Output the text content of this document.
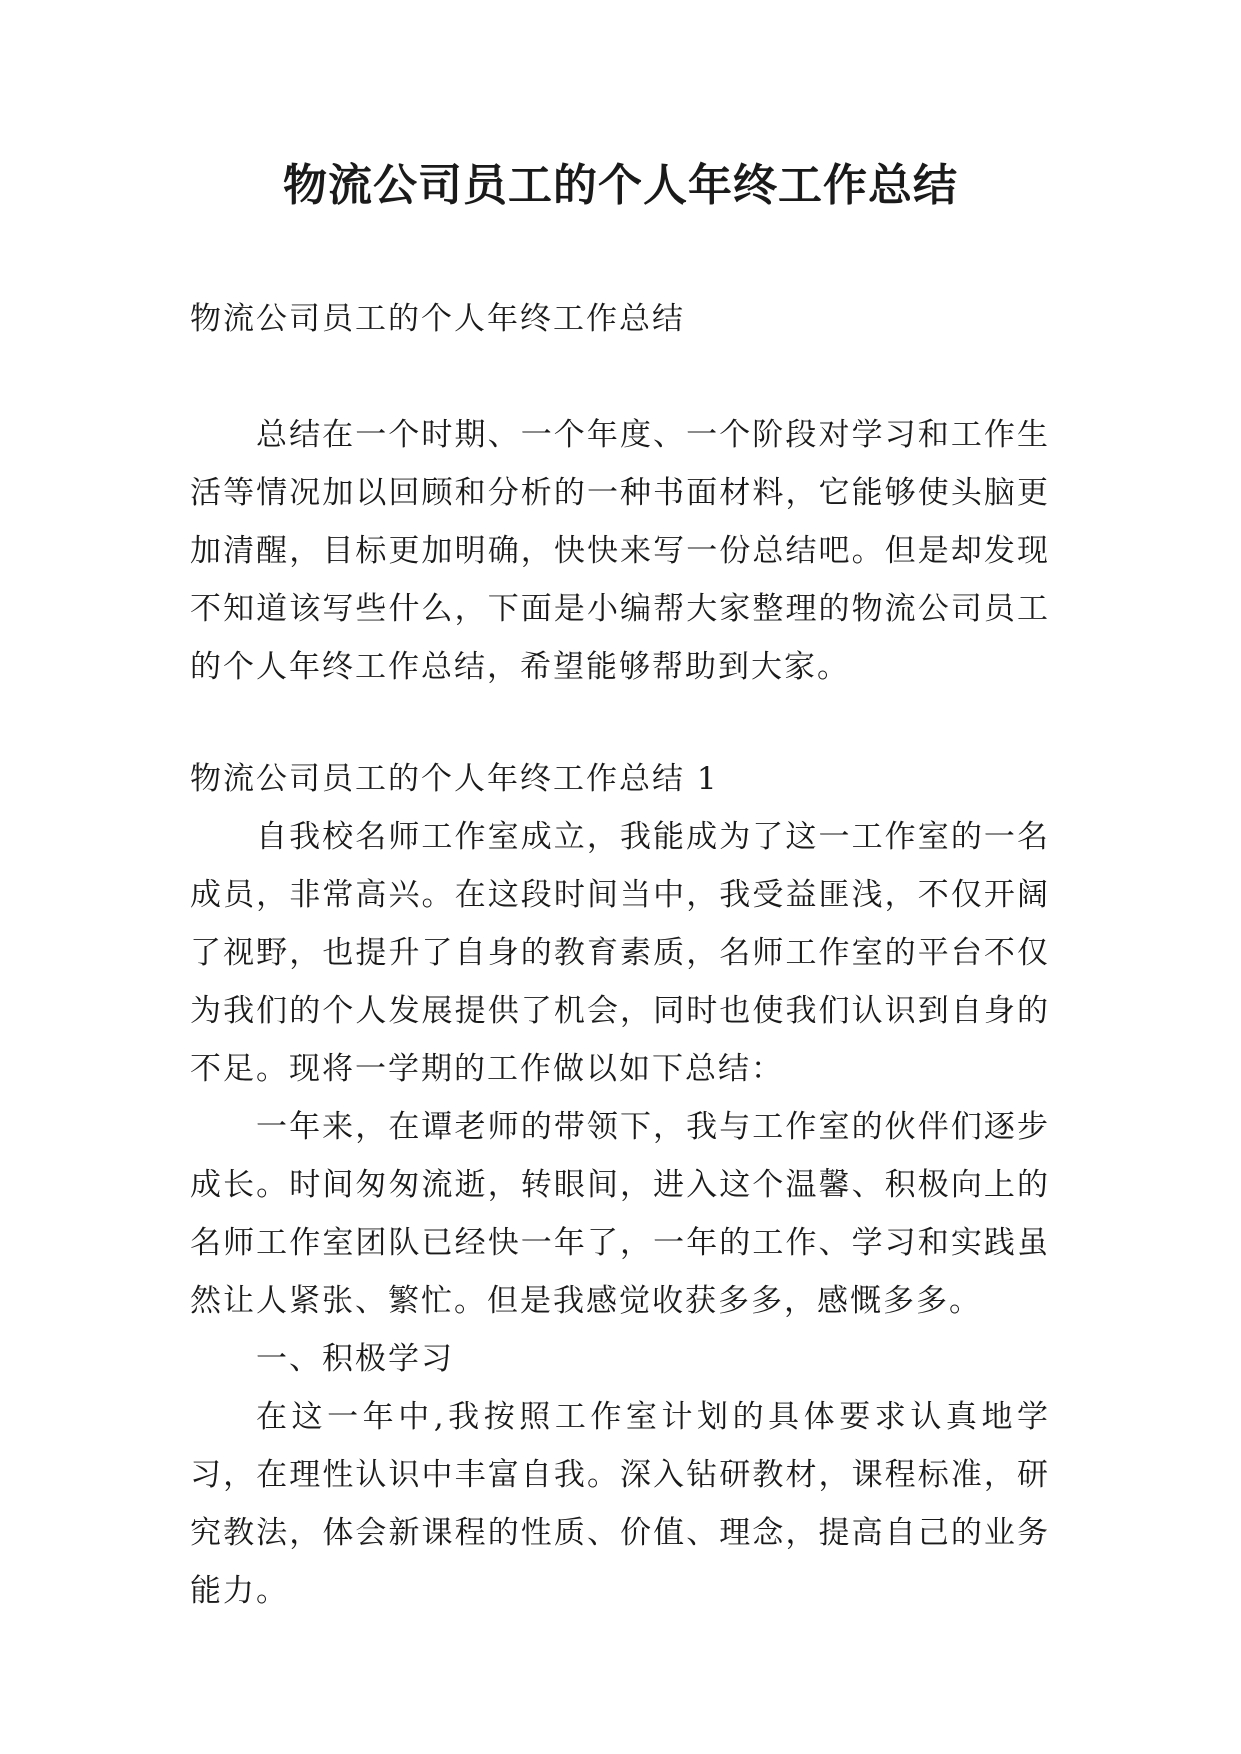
物流公司员工的个人年终工作总结

物流公司员工的个人年终工作总结

总结在一个时期、一个年度、一个阶段对学习和工作生活等情况加以回顾和分析的一种书面材料，它能够使头脑更加清醒，目标更加明确，快快来写一份总结吧。但是却发现不知道该写些什么，下面是小编帮大家整理的物流公司员工的个人年终工作总结，希望能够帮助到大家。

物流公司员工的个人年终工作总结 1

自我校名师工作室成立，我能成为了这一工作室的一名成员，非常高兴。在这段时间当中，我受益匪浅，不仅开阔了视野，也提升了自身的教育素质，名师工作室的平台不仅为我们的个人发展提供了机会，同时也使我们认识到自身的不足。现将一学期的工作做以如下总结：

一年来，在谭老师的带领下，我与工作室的伙伴们逐步成长。时间匆匆流逝，转眼间，进入这个温馨、积极向上的名师工作室团队已经快一年了，一年的工作、学习和实践虽然让人紧张、繁忙。但是我感觉收获多多，感慨多多。

一、积极学习

在这一年中,我按照工作室计划的具体要求认真地学习，在理性认识中丰富自我。深入钻研教材，课程标准，研究教法，体会新课程的性质、价值、理念，提高自己的业务能力。
